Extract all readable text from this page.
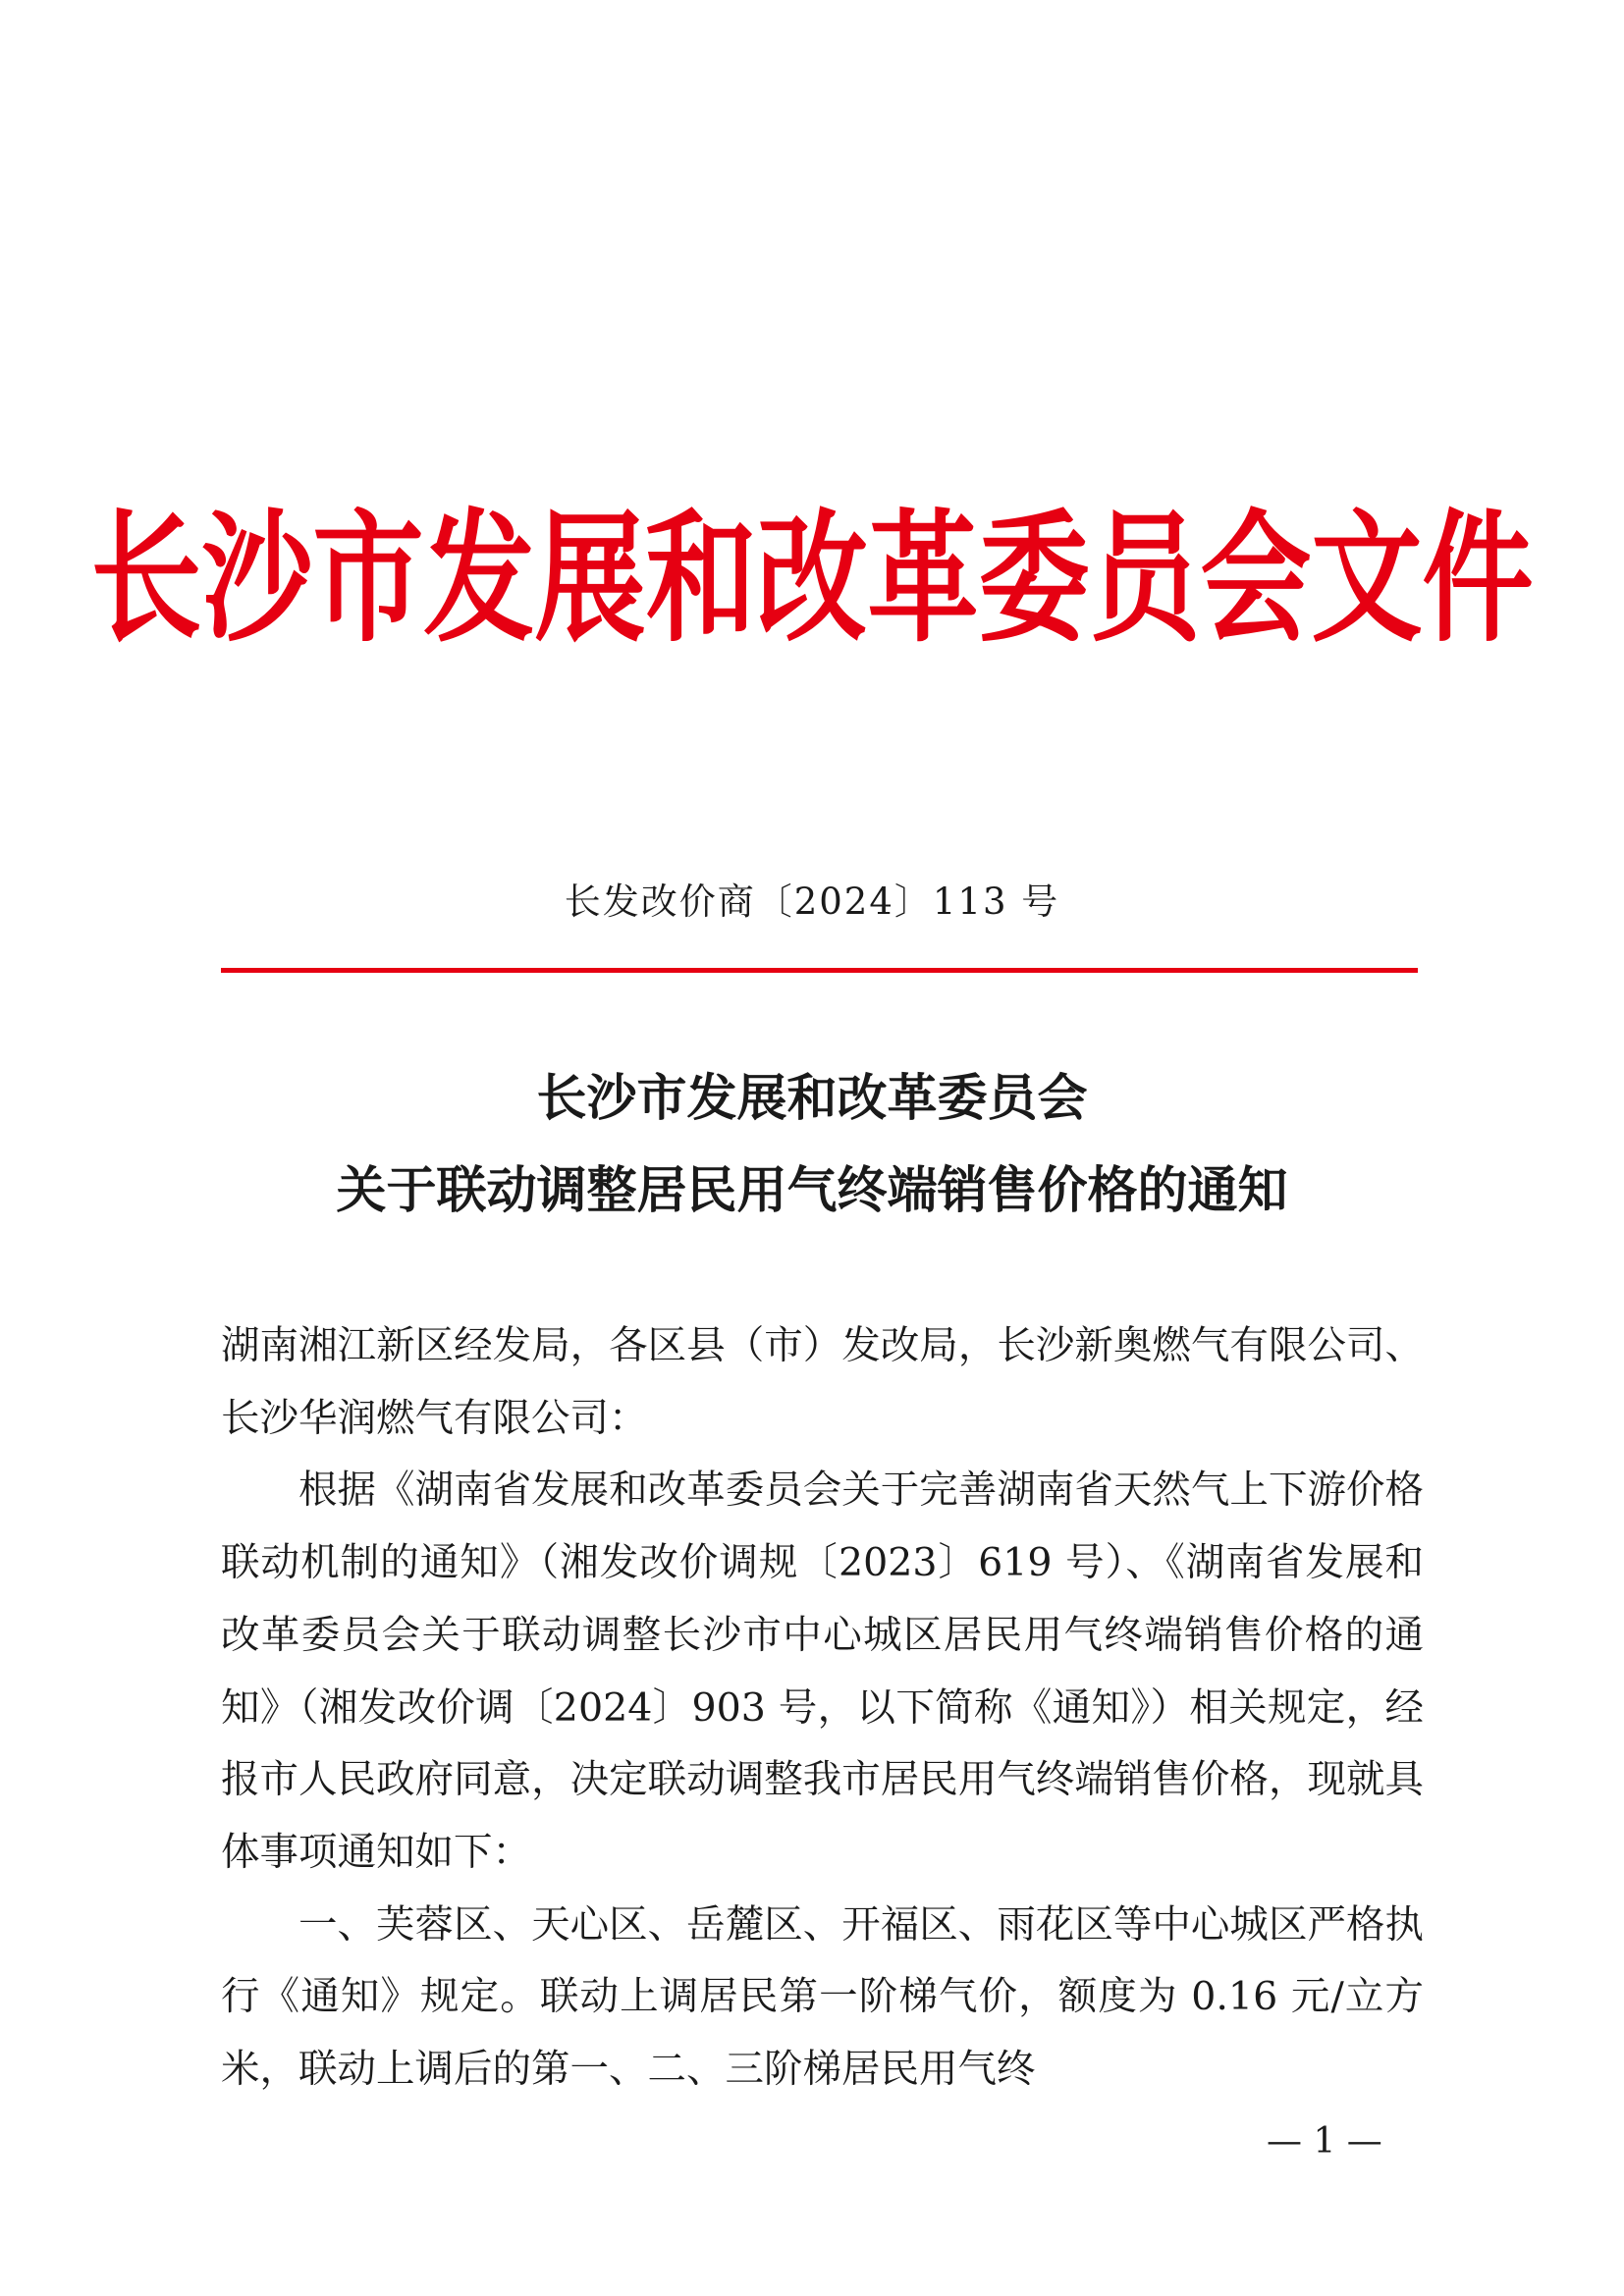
长沙市发展和改革委员会文件
长发改价商〔2024〕113 号
长沙市发展和改革委员会
关于联动调整居民用气终端销售价格的通知

湖南湘江新区经发局，各区县（市）发改局，长沙新奥燃气有限公司、长沙华润燃气有限公司：

根据《湖南省发展和改革委员会关于完善湖南省天然气上下游价格联动机制的通知》（湘发改价调规〔2023〕619 号）、《湖南省发展和改革委员会关于联动调整长沙市中心城区居民用气终端销售价格的通知》（湘发改价调〔2024〕903 号，以下简称《通知》）相关规定，经报市人民政府同意，决定联动调整我市居民用气终端销售价格，现就具体事项通知如下：

一、芙蓉区、天心区、岳麓区、开福区、雨花区等中心城区严格执行《通知》规定。联动上调居民第一阶梯气价，额度为 0.16 元/立方米，联动上调后的第一、二、三阶梯居民用气终

— 1 —
